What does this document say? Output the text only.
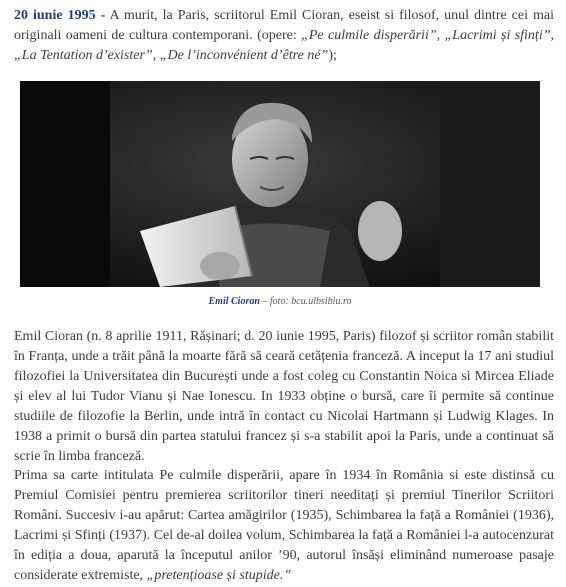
20 iunie 1995 - A murit, la Paris, scriitorul Emil Cioran, eseist si filosof, unul dintre cei mai originali oameni de cultura contemporani. (opere: „Pe culmile disperării”, „Lacrimi și sfinți”, „La Tentation d’exister”, „De l’inconvénient d’être né”);

Emil Cioran – foto: bcu.ulbsibiu.ro

Emil Cioran (n. 8 aprilie 1911, Rășinari; d. 20 iunie 1995, Paris) filozof și scriitor român stabilit în Franța, unde a trăit până la moarte fără să ceară cetățenia franceză. A inceput la 17 ani studiul filozofiei la Universitatea din București unde a fost coleg cu Constantin Noica si Mircea Eliade și elev al lui Tudor Vianu și Nae Ionescu. In 1933 obține o bursă, care îi permite să continue studiile de filozofie la Berlin, unde intră în contact cu Nicolai Hartmann și Ludwig Klages. In 1938 a primit o bursă din partea statului francez și s-a stabilit apoi la Paris, unde a continuat să scrie în limba franceză.

Prima sa carte intitulata Pe culmile disperării, apare în 1934 în România si este distinsă cu Premiul Comisiei pentru premierea scriitorilor tineri needitați și premiul Tinerilor Scriitori Români. Succesiv i-au apărut: Cartea amăgirilor (1935), Schimbarea la față a României (1936), Lacrimi și Sfinți (1937). Cel de-al doilea volum, Schimbarea la față a României l-a autocenzurat în ediția a doua, aparută la începutul anilor ’90, autorul însăși eliminând numeroase pasaje considerate extremiste, „pretențioase și stupide.”
